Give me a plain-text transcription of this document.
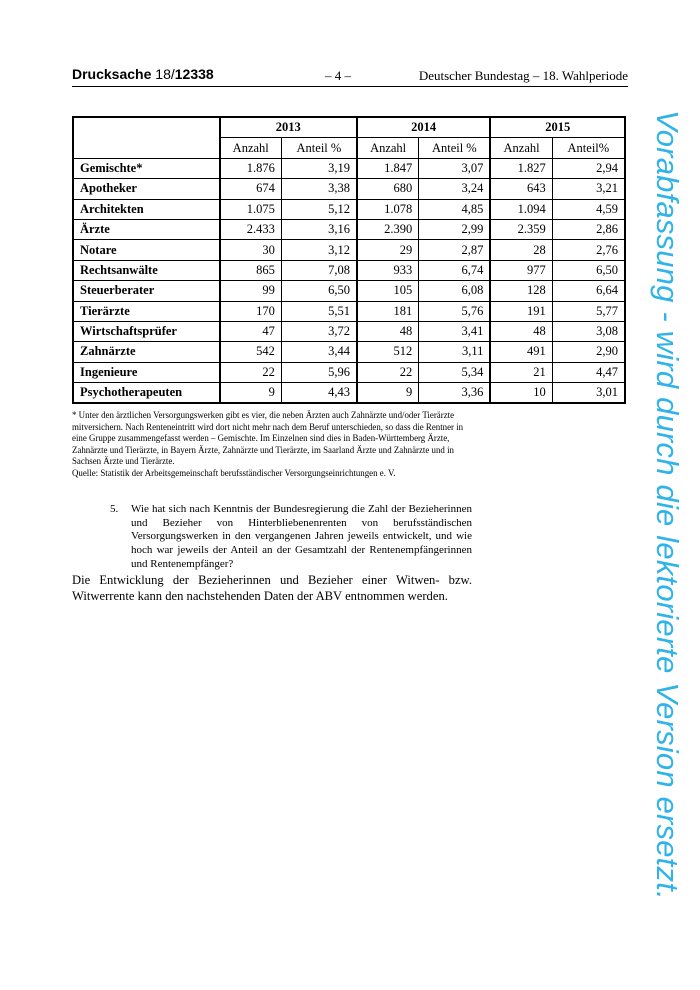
Drucksache 18/12338	– 4 –	Deutscher Bundestag – 18. Wahlperiode
	2013		2014		2015	
	Anzahl	Anteil %	Anzahl	Anteil %	Anzahl	Anteil%
Gemischte*	1.876	3,19	1.847	3,07	1.827	2,94
Apotheker	674	3,38	680	3,24	643	3,21
Architekten	1.075	5,12	1.078	4,85	1.094	4,59
Ärzte	2.433	3,16	2.390	2,99	2.359	2,86
Notare	30	3,12	29	2,87	28	2,76
Rechtsanwälte	865	7,08	933	6,74	977	6,50
Steuerberater	99	6,50	105	6,08	128	6,64
Tierärzte	170	5,51	181	5,76	191	5,77
Wirtschaftsprüfer	47	3,72	48	3,41	48	3,08
Zahnärzte	542	3,44	512	3,11	491	2,90
Ingenieure	22	5,96	22	5,34	21	4,47
Psychotherapeuten	9	4,43	9	3,36	10	3,01

* Unter den ärztlichen Versorgungswerken gibt es vier, die neben Ärzten auch Zahnärzte und/oder Tierärzte mitversichern. Nach Renteneintritt wird dort nicht mehr nach dem Beruf unterschieden, so dass die Rentner in eine Gruppe zusammengefasst werden – Gemischte. Im Einzelnen sind dies in Baden-Württemberg Ärzte, Zahnärzte und Tierärzte, in Bayern Ärzte, Zahnärzte und Tierärzte, im Saarland Ärzte und Zahnärzte und in Sachsen Ärzte und Tierärzte.

Quelle: Statistik der Arbeitsgemeinschaft berufsständischer Versorgungseinrichtungen e. V.

5. Wie hat sich nach Kenntnis der Bundesregierung die Zahl der Bezieherinnen und Bezieher von Hinterbliebenenrenten von berufsständischen Versorgungswerken in den vergangenen Jahren jeweils entwickelt, und wie hoch war jeweils der Anteil an der Gesamtzahl der Rentenempfängerinnen und Rentenempfänger?
Die Entwicklung der Bezieherinnen und Bezieher einer Witwen- bzw. Witwerrente kann den nachstehenden Daten der ABV entnommen werden.	Vorabfassung - wird durch die lektorierte Version ersetzt.
